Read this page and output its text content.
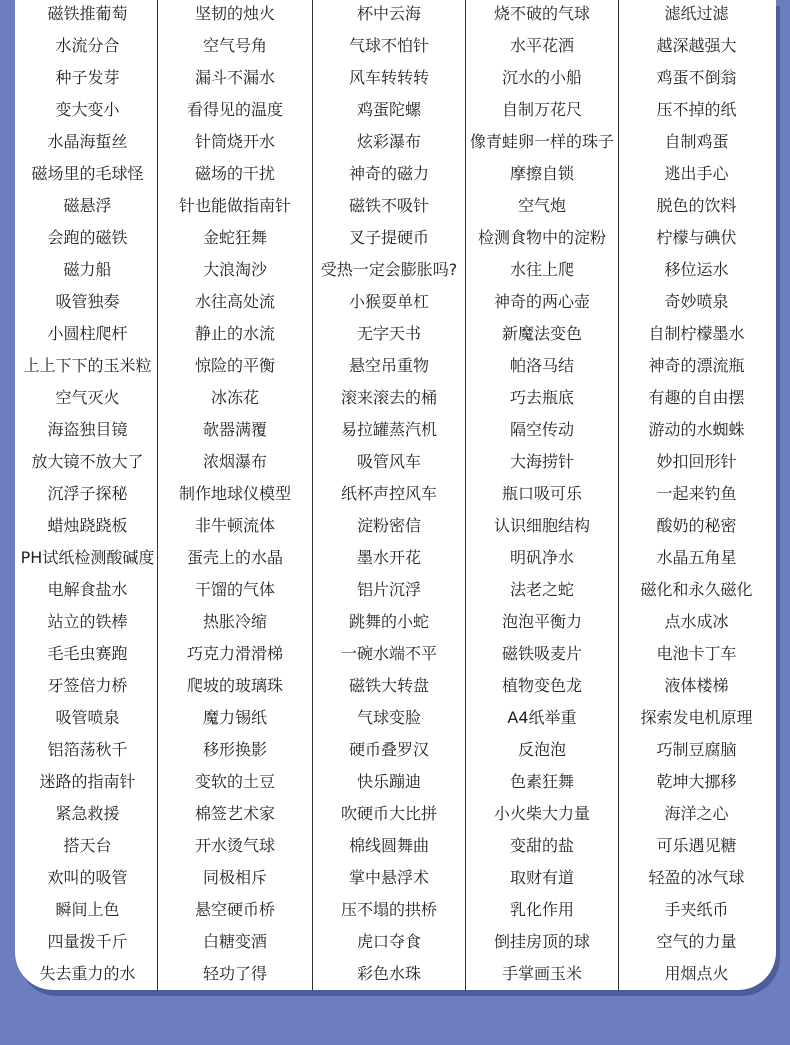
磁铁推葡萄
水流分合
种子发芽
变大变小
水晶海蜇丝
磁场里的毛球怪
磁悬浮
会跑的磁铁
磁力船
吸管独奏
小圆柱爬杆
上上下下的玉米粒
空气灭火
海盗独目镜
放大镜不放大了
沉浮子探秘
蜡烛跷跷板
PH试纸检测酸碱度
电解食盐水
站立的铁棒
毛毛虫赛跑
牙签倍力桥
吸管喷泉
铝箔荡秋千
迷路的指南针
紧急救援
搭天台
欢叫的吸管
瞬间上色
四量拨千斤
失去重力的水
坚韧的烛火
空气号角
漏斗不漏水
看得见的温度
针筒烧开水
磁场的干扰
针也能做指南针
金蛇狂舞
大浪淘沙
水往高处流
静止的水流
惊险的平衡
冰冻花
欹器满覆
浓烟瀑布
制作地球仪模型
非牛顿流体
蛋壳上的水晶
干馏的气体
热胀冷缩
巧克力滑滑梯
爬坡的玻璃珠
魔力锡纸
移形换影
变软的土豆
棉签艺术家
开水烫气球
同极相斥
悬空硬币桥
白糖变酒
轻功了得
杯中云海
气球不怕针
风车转转转
鸡蛋陀螺
炫彩瀑布
神奇的磁力
磁铁不吸针
叉子提硬币
受热一定会膨胀吗?
小猴耍单杠
无字天书
悬空吊重物
滚来滚去的桶
易拉罐蒸汽机
吸管风车
纸杯声控风车
淀粉密信
墨水开花
铝片沉浮
跳舞的小蛇
一碗水端不平
磁铁大转盘
气球变脸
硬币叠罗汉
快乐蹦迪
吹硬币大比拼
棉线圆舞曲
掌中悬浮术
压不塌的拱桥
虎口夺食
彩色水珠
烧不破的气球
水平花洒
沉水的小船
自制万花尺
像青蛙卵一样的珠子
摩擦自锁
空气炮
检测食物中的淀粉
水往上爬
神奇的两心壶
新魔法变色
帕洛马结
巧去瓶底
隔空传动
大海捞针
瓶口吸可乐
认识细胞结构
明矾净水
法老之蛇
泡泡平衡力
磁铁吸麦片
植物变色龙
A4纸举重
反泡泡
色素狂舞
小火柴大力量
变甜的盐
取财有道
乳化作用
倒挂房顶的球
手掌画玉米
滤纸过滤
越深越强大
鸡蛋不倒翁
压不掉的纸
自制鸡蛋
逃出手心
脱色的饮料
柠檬与碘伏
移位运水
奇妙喷泉
自制柠檬墨水
神奇的漂流瓶
有趣的自由摆
游动的水蜘蛛
妙扣回形针
一起来钓鱼
酸奶的秘密
水晶五角星
磁化和永久磁化
点水成冰
电池卡丁车
液体楼梯
探索发电机原理
巧制豆腐脑
乾坤大挪移
海洋之心
可乐遇见糖
轻盈的冰气球
手夹纸币
空气的力量
用烟点火
